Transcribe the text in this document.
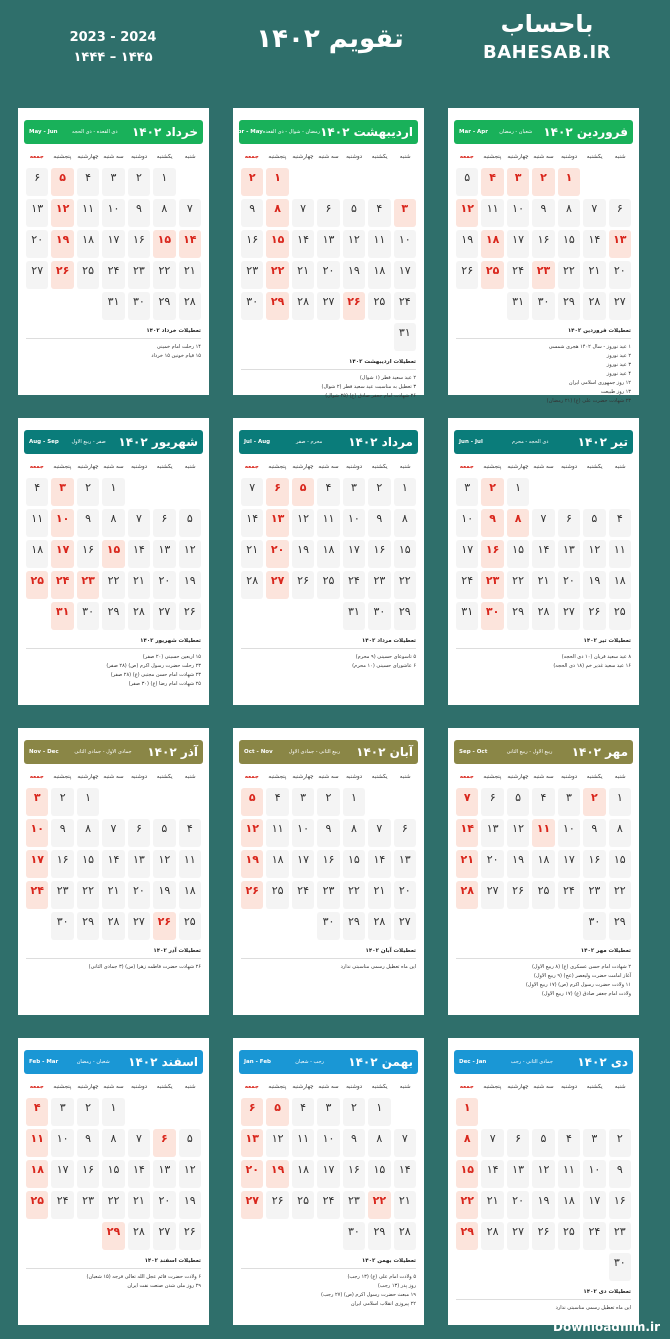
2023 - 2024
۱۴۴۴ – ۱۴۴۵
تقویم ۱۴۰۲	باحساب
BAHESAB.IR
فروردین ۱۴۰۲
شعبان - رمضان
Mar - Apr
شنبه
یکشنبه
دوشنبه
سه شنبه
چهارشنبه
پنجشنبه
جمعه
۱
۲
۳
۴
۵
۶
۷
۸
۹
۱۰
۱۱
۱۲
۱۳
۱۴
۱۵
۱۶
۱۷
۱۸
۱۹
۲۰
۲۱
۲۲
۲۳
۲۴
۲۵
۲۶
۲۷
۲۸
۲۹
۳۰
۳۱
تعطیلات فروردین ۱۴۰۲
۱ عید نوروز - سال ۱۴۰۲ هجری شمسی
۲ عید نوروز
۳ عید نوروز
۴ عید نوروز
۱۲ روز جمهوری اسلامی ایران
۱۳ روز طبیعت
۲۳ شهادت حضرت علی (ع) (۲۱ رمضان)
اردیبهشت ۱۴۰۲
رمضان - شوال - ذی القعده
Apr - May
شنبه
یکشنبه
دوشنبه
سه شنبه
چهارشنبه
پنجشنبه
جمعه
۱
۲
۳
۴
۵
۶
۷
۸
۹
۱۰
۱۱
۱۲
۱۳
۱۴
۱۵
۱۶
۱۷
۱۸
۱۹
۲۰
۲۱
۲۲
۲۳
۲۴
۲۵
۲۶
۲۷
۲۸
۲۹
۳۰
۳۱
تعطیلات اردیبهشت ۱۴۰۲
۲ عید سعید فطر (۱ شوال)
۳ تعطیل به مناسبت عید سعید فطر (۲ شوال)
۲۶ شهادت امام جعفر صادق (ع) (۲۵ شوال)
خرداد ۱۴۰۲
ذی القعده - ذی الحجه
May - Jun
شنبه
یکشنبه
دوشنبه
سه شنبه
چهارشنبه
پنجشنبه
جمعه
۱
۲
۳
۴
۵
۶
۷
۸
۹
۱۰
۱۱
۱۲
۱۳
۱۴
۱۵
۱۶
۱۷
۱۸
۱۹
۲۰
۲۱
۲۲
۲۳
۲۴
۲۵
۲۶
۲۷
۲۸
۲۹
۳۰
۳۱
تعطیلات خرداد ۱۴۰۲
۱۴ رحلت امام خمینی
۱۵ قیام خونین ۱۵ خرداد
تیر ۱۴۰۲
ذی الحجه - محرم
Jun - Jul
شنبه
یکشنبه
دوشنبه
سه شنبه
چهارشنبه
پنجشنبه
جمعه
۱
۲
۳
۴
۵
۶
۷
۸
۹
۱۰
۱۱
۱۲
۱۳
۱۴
۱۵
۱۶
۱۷
۱۸
۱۹
۲۰
۲۱
۲۲
۲۳
۲۴
۲۵
۲۶
۲۷
۲۸
۲۹
۳۰
۳۱
تعطیلات تیر ۱۴۰۲
۸ عید سعید قربان (۱۰ ذی الحجه)
۱۶ عید سعید غدیر خم (۱۸ ذی الحجه)
مرداد ۱۴۰۲
محرم - صفر
Jul - Aug
شنبه
یکشنبه
دوشنبه
سه شنبه
چهارشنبه
پنجشنبه
جمعه
۱
۲
۳
۴
۵
۶
۷
۸
۹
۱۰
۱۱
۱۲
۱۳
۱۴
۱۵
۱۶
۱۷
۱۸
۱۹
۲۰
۲۱
۲۲
۲۳
۲۴
۲۵
۲۶
۲۷
۲۸
۲۹
۳۰
۳۱
تعطیلات مرداد ۱۴۰۲
۵ تاسوعای حسینی (۹ محرم)
۶ عاشورای حسینی (۱۰ محرم)
شهریور ۱۴۰۲
صفر - ربیع الاول
Aug - Sep
شنبه
یکشنبه
دوشنبه
سه شنبه
چهارشنبه
پنجشنبه
جمعه
۱
۲
۳
۴
۵
۶
۷
۸
۹
۱۰
۱۱
۱۲
۱۳
۱۴
۱۵
۱۶
۱۷
۱۸
۱۹
۲۰
۲۱
۲۲
۲۳
۲۴
۲۵
۲۶
۲۷
۲۸
۲۹
۳۰
۳۱
تعطیلات شهریور ۱۴۰۲
۱۵ اربعین حسینی (۲۰ صفر)
۲۳ رحلت حضرت رسول اکرم (ص) (۲۸ صفر)
۲۳ شهادت امام حسن مجتبی (ع) (۲۸ صفر)
۲۵ شهادت امام رضا (ع) (۳۰ صفر)
مهر ۱۴۰۲
ربیع الاول - ربیع الثانی
Sep - Oct
شنبه
یکشنبه
دوشنبه
سه شنبه
چهارشنبه
پنجشنبه
جمعه
۱
۲
۳
۴
۵
۶
۷
۸
۹
۱۰
۱۱
۱۲
۱۳
۱۴
۱۵
۱۶
۱۷
۱۸
۱۹
۲۰
۲۱
۲۲
۲۳
۲۴
۲۵
۲۶
۲۷
۲۸
۲۹
۳۰
تعطیلات مهر ۱۴۰۲
۲ شهادت امام حسن عسکری (ع) (۸ ربیع الاول)
آغاز امامت حضرت ولیعصر (عج) (۹ ربیع الاول)
۱۱ ولادت حضرت رسول اکرم (ص) (۱۷ ربیع الاول)
ولادت امام جعفر صادق (ع) (۱۷ ربیع الاول)
آبان ۱۴۰۲
ربیع الثانی - جمادی الاول
Oct - Nov
شنبه
یکشنبه
دوشنبه
سه شنبه
چهارشنبه
پنجشنبه
جمعه
۱
۲
۳
۴
۵
۶
۷
۸
۹
۱۰
۱۱
۱۲
۱۳
۱۴
۱۵
۱۶
۱۷
۱۸
۱۹
۲۰
۲۱
۲۲
۲۳
۲۴
۲۵
۲۶
۲۷
۲۸
۲۹
۳۰
تعطیلات آبان ۱۴۰۲
این ماه تعطیل رسمی مناسبتی ندارد
آذر ۱۴۰۲
جمادی الاول - جمادی الثانی
Nov - Dec
شنبه
یکشنبه
دوشنبه
سه شنبه
چهارشنبه
پنجشنبه
جمعه
۱
۲
۳
۴
۵
۶
۷
۸
۹
۱۰
۱۱
۱۲
۱۳
۱۴
۱۵
۱۶
۱۷
۱۸
۱۹
۲۰
۲۱
۲۲
۲۳
۲۴
۲۵
۲۶
۲۷
۲۸
۲۹
۳۰
تعطیلات آذر ۱۴۰۲
۲۶ شهادت حضرت فاطمه زهرا (س) (۳ جمادی الثانی)
دی ۱۴۰۲
جمادی الثانی - رجب
Dec - Jan
شنبه
یکشنبه
دوشنبه
سه شنبه
چهارشنبه
پنجشنبه
جمعه
۱
۲
۳
۴
۵
۶
۷
۸
۹
۱۰
۱۱
۱۲
۱۳
۱۴
۱۵
۱۶
۱۷
۱۸
۱۹
۲۰
۲۱
۲۲
۲۳
۲۴
۲۵
۲۶
۲۷
۲۸
۲۹
۳۰
تعطیلات دی ۱۴۰۲
این ماه تعطیل رسمی مناسبتی ندارد
بهمن ۱۴۰۲
رجب - شعبان
Jan - Feb
شنبه
یکشنبه
دوشنبه
سه شنبه
چهارشنبه
پنجشنبه
جمعه
۱
۲
۳
۴
۵
۶
۷
۸
۹
۱۰
۱۱
۱۲
۱۳
۱۴
۱۵
۱۶
۱۷
۱۸
۱۹
۲۰
۲۱
۲۲
۲۳
۲۴
۲۵
۲۶
۲۷
۲۸
۲۹
۳۰
تعطیلات بهمن ۱۴۰۲
۵ ولادت امام علی (ع) (۱۳ رجب)
روز پدر (۱۳ رجب)
۱۹ مبعث حضرت رسول اکرم (ص) (۲۷ رجب)
۲۲ پیروزی انقلاب اسلامی ایران
اسفند ۱۴۰۲
شعبان - رمضان
Feb - Mar
شنبه
یکشنبه
دوشنبه
سه شنبه
چهارشنبه
پنجشنبه
جمعه
۱
۲
۳
۴
۵
۶
۷
۸
۹
۱۰
۱۱
۱۲
۱۳
۱۴
۱۵
۱۶
۱۷
۱۸
۱۹
۲۰
۲۱
۲۲
۲۳
۲۴
۲۵
۲۶
۲۷
۲۸
۲۹
تعطیلات اسفند ۱۴۰۲
۶ ولادت حضرت قائم عجل الله تعالی فرجه (۱۵ شعبان)
۲۹ روز ملی شدن صنعت نفت ایران
Downloadfilm.ir
